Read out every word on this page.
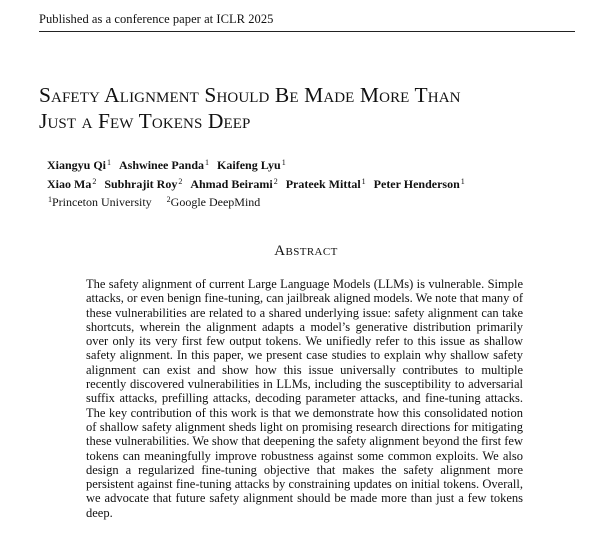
Published as a conference paper at ICLR 2025
Safety Alignment Should Be Made More Than
Just a Few Tokens Deep
Xiangyu Qi$^1$ Ashwinee Panda$^1$ Kaifeng Lyu$^1$
Xiao Ma$^2$ Subhrajit Roy$^2$ Ahmad Beirami$^2$ Prateek Mittal$^1$ Peter Henderson$^1$
$^1$Princeton University $^2$Google DeepMind
Abstract
The safety alignment of current Large Language Models (LLMs) is vulnerable. Simple attacks, or even benign fine-tuning, can jailbreak aligned models. We note that many of these vulnerabilities are related to a shared underlying issue: safety alignment can take shortcuts, wherein the alignment adapts a model’s generative distribution primarily over only its very first few output tokens. We unifiedly refer to this issue as shallow safety alignment. In this paper, we present case studies to explain why shallow safety alignment can exist and show how this issue universally contributes to multiple recently discovered vulnerabilities in LLMs, including the susceptibility to adversarial suffix attacks, prefilling attacks, decoding parameter attacks, and fine-tuning attacks. The key contribution of this work is that we demonstrate how this consolidated notion of shallow safety alignment sheds light on promising research directions for mitigating these vulnerabilities. We show that deepening the safety alignment beyond the first few tokens can meaningfully improve robustness against some common exploits. We also design a regularized fine-tuning objective that makes the safety alignment more persistent against fine-tuning attacks by constraining updates on initial tokens. Overall, we advocate that future safety alignment should be made more than just a few tokens deep.
